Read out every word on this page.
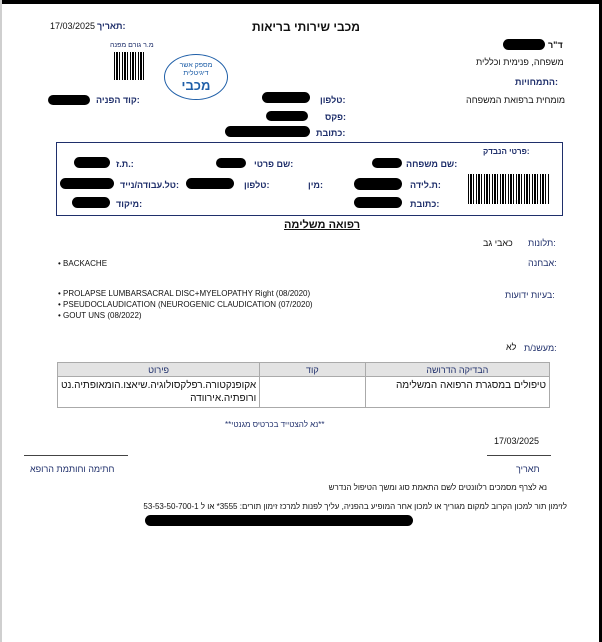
מכבי שירותי בריאות
17/03/2025 תאריך:
מ.ר גורם מפנה
מספק אשר
דיגיטלית
מכבי
ד"ר
משפחה, פנימית וכללית
התמחויות:
מומחית ברפואת המשפחה
טלפון:
פקס:
כתובת:
קוד הפניה:
פרטי הנבדק:
שם משפחה:
שם פרטי:
ת.ז.:
ת.לידה:
מין:
טלפון:
טל.עבודה/נייד:
כתובת:
מיקוד:
רפואה משלימה
כאבי גב תלונות:
• BACKACHE	אבחנה:
בעיות ידועות:
• PROLAPSE LUMBARSACRAL DISC+MYELOPATHY Right (08/2020)
• PSEUDOCLAUDICATION (NEUROGENIC CLAUDICATION (07/2020)
• GOUT UNS (08/2022)
לא מעשנ/ת:
הבדיקה הדרושה	קוד	פירוט
טיפולים במסגרת הרפואה המשלימה		אקופנקטורה.רפלקסולוגיה.שיאצו.הומאופתיה.נט ורופתיה.אירוודה
**נא להצטייד בכרטיס מגנטי**
17/03/2025
תאריך
חתימה וחותמת הרופא
נא לצרף מסמכים רלוונטים לשם התאמת סוג ומשך הטיפול הנדרש
לזימון תור למכון הקרוב למקום מגוריך או למכון אחר המופיע בהפניה, עליך לפנות למרכז זימון תורים: 3555* או ל 53-53-50-700-1
